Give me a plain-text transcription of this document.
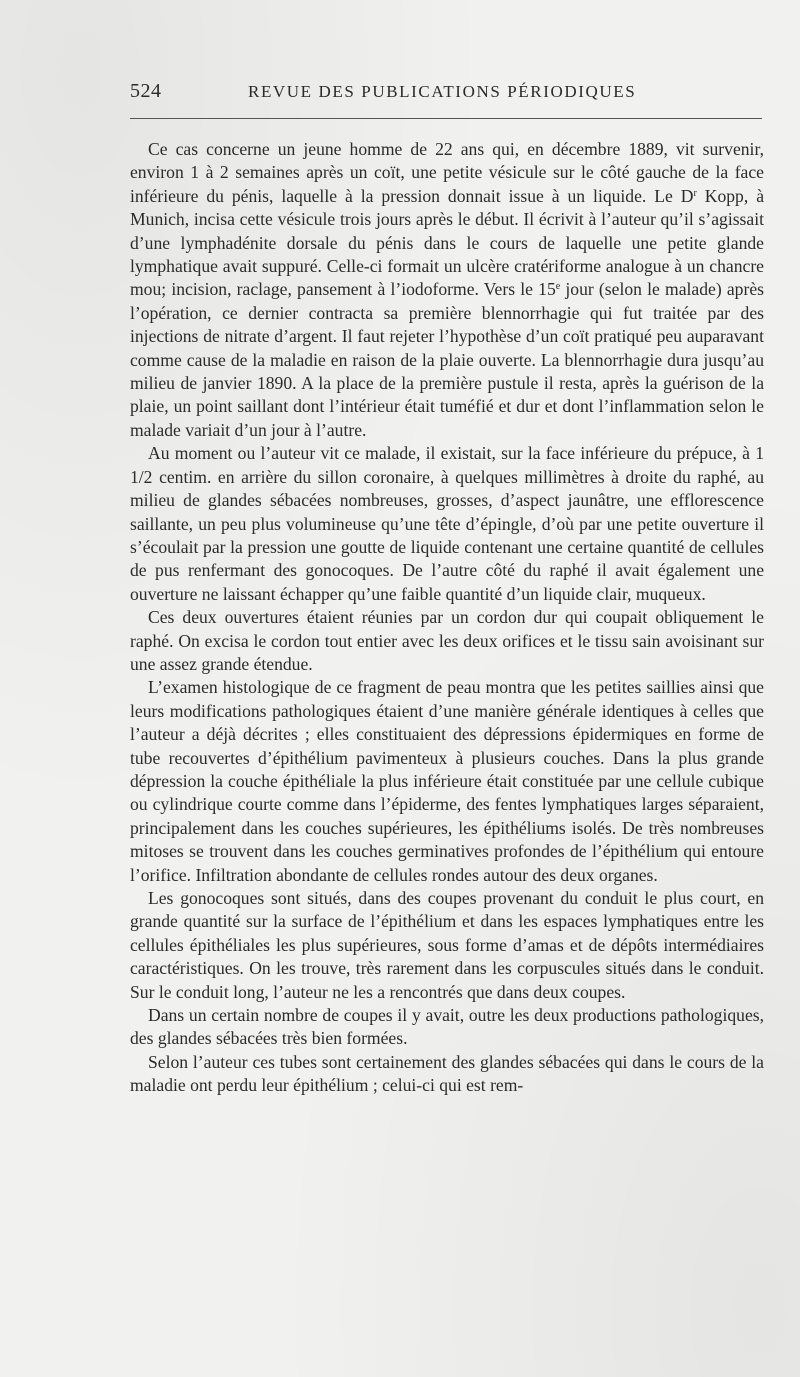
524	REVUE DES PUBLICATIONS PÉRIODIQUES

Ce cas concerne un jeune homme de 22 ans qui, en décembre 1889, vit survenir, environ 1 à 2 semaines après un coït, une petite vésicule sur le côté gauche de la face inférieure du pénis, laquelle à la pression donnait issue à un liquide. Le $D^r$ Kopp, à Munich, incisa cette vésicule trois jours après le début. Il écrivit à l’auteur qu’il s’agissait d’une lymphadénite dorsale du pénis dans le cours de laquelle une petite glande lymphatique avait suppuré. Celle-ci formait un ulcère cratériforme analogue à un chancre mou; incision, raclage, pansement à l’iodoforme. Vers le 15e jour (selon le malade) après l’opération, ce dernier contracta sa première blennorrhagie qui fut traitée par des injections de nitrate d’argent. Il faut rejeter l’hypothèse d’un coït pratiqué peu auparavant comme cause de la maladie en raison de la plaie ouverte. La blennorrhagie dura jusqu’au milieu de janvier 1890. A la place de la première pustule il resta, après la guérison de la plaie, un point saillant dont l’intérieur était tuméfié et dur et dont l’inflammation selon le malade variait d’un jour à l’autre.

Au moment ou l’auteur vit ce malade, il existait, sur la face inférieure du prépuce, à 1 1/2 centim. en arrière du sillon coronaire, à quelques millimètres à droite du raphé, au milieu de glandes sébacées nombreuses, grosses, d’aspect jaunâtre, une efflorescence saillante, un peu plus volumineuse qu’une tête d’épingle, d’où par une petite ouverture il s’écoulait par la pression une goutte de liquide contenant une certaine quantité de cellules de pus renfermant des gonocoques. De l’autre côté du raphé il avait également une ouverture ne laissant échapper qu’une faible quantité d’un liquide clair, muqueux.

Ces deux ouvertures étaient réunies par un cordon dur qui coupait obliquement le raphé. On excisa le cordon tout entier avec les deux orifices et le tissu sain avoisinant sur une assez grande étendue.

L’examen histologique de ce fragment de peau montra que les petites saillies ainsi que leurs modifications pathologiques étaient d’une manière générale identiques à celles que l’auteur a déjà décrites ; elles constituaient des dépressions épidermiques en forme de tube recouvertes d’épithélium pavimenteux à plusieurs couches. Dans la plus grande dépression la couche épithéliale la plus inférieure était constituée par une cellule cubique ou cylindrique courte comme dans l’épiderme, des fentes lymphatiques larges séparaient, principalement dans les couches supérieures, les épithéliums isolés. De très nombreuses mitoses se trouvent dans les couches germinatives profondes de l’épithélium qui entoure l’orifice. Infiltration abondante de cellules rondes autour des deux organes.

Les gonocoques sont situés, dans des coupes provenant du conduit le plus court, en grande quantité sur la surface de l’épithélium et dans les espaces lymphatiques entre les cellules épithéliales les plus supérieures, sous forme d’amas et de dépôts intermédiaires caractéristiques. On les trouve, très rarement dans les corpuscules situés dans le conduit. Sur le conduit long, l’auteur ne les a rencontrés que dans deux coupes.

Dans un certain nombre de coupes il y avait, outre les deux productions pathologiques, des glandes sébacées très bien formées.

Selon l’auteur ces tubes sont certainement des glandes sébacées qui dans le cours de la maladie ont perdu leur épithélium ; celui-ci qui est rem-
